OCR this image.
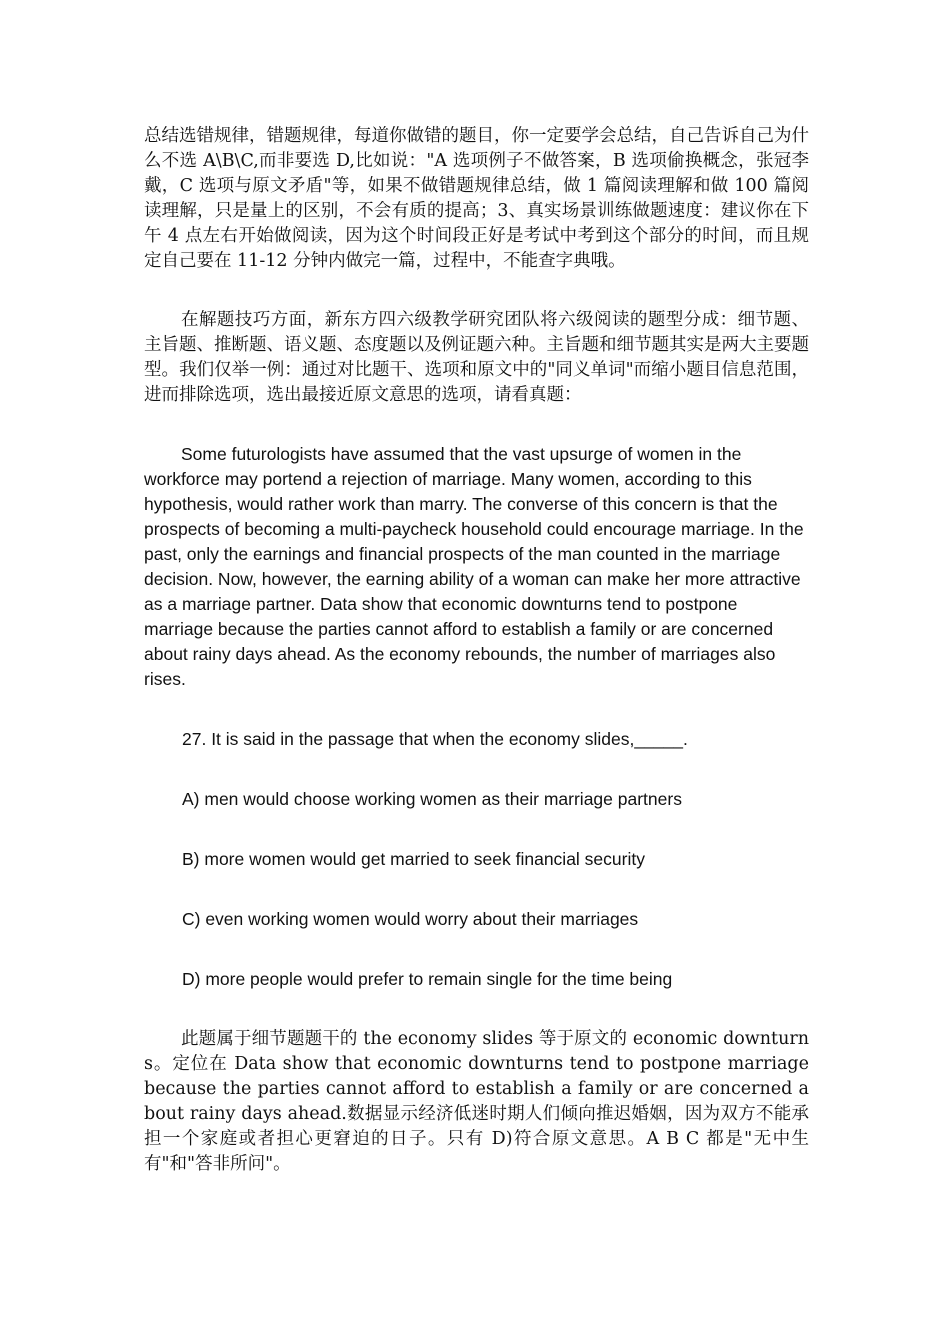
总结选错规律，错题规律，每道你做错的题目，你一定要学会总结，自己告诉自己为什么不选 A\B\C,而非要选 D,比如说："A 选项例子不做答案，B 选项偷换概念，张冠李戴，C 选项与原文矛盾"等，如果不做错题规律总结，做 1 篇阅读理解和做 100 篇阅读理解，只是量上的区别，不会有质的提高；3、真实场景训练做题速度：建议你在下午 4 点左右开始做阅读，因为这个时间段正好是考试中考到这个部分的时间，而且规定自己要在 11-12 分钟内做完一篇，过程中，不能查字典哦。

在解题技巧方面，新东方四六级教学研究团队将六级阅读的题型分成：细节题、主旨题、推断题、语义题、态度题以及例证题六种。主旨题和细节题其实是两大主要题型。我们仅举一例：通过对比题干、选项和原文中的"同义单词"而缩小题目信息范围，进而排除选项，选出最接近原文意思的选项，请看真题：

Some futurologists have assumed that the vast upsurge of women in the workforce may portend a rejection of marriage. Many women, according to this hypothesis, would rather work than marry. The converse of this concern is that the prospects of becoming a multi-paycheck household could encourage marriage. In the past, only the earnings and financial prospects of the man counted in the marriage decision. Now, however, the earning ability of a woman can make her more attractive as a marriage partner. Data show that economic downturns tend to postpone marriage because the parties cannot afford to establish a family or are concerned about rainy days ahead. As the economy rebounds, the number of marriages also rises.

27. It is said in the passage that when the economy slides,_____.

A) men would choose working women as their marriage partners

B) more women would get married to seek financial security

C) even working women would worry about their marriages

D) more people would prefer to remain single for the time being

此题属于细节题题干的 the economy slides 等于原文的 economic downturns。定位在 Data show that economic downturns tend to postpone marriage because the parties cannot afford to establish a family or are concerned about rainy days ahead.数据显示经济低迷时期人们倾向推迟婚姻，因为双方不能承担一个家庭或者担心更窘迫的日子。只有 D)符合原文意思。A B C 都是"无中生有"和"答非所问"。
